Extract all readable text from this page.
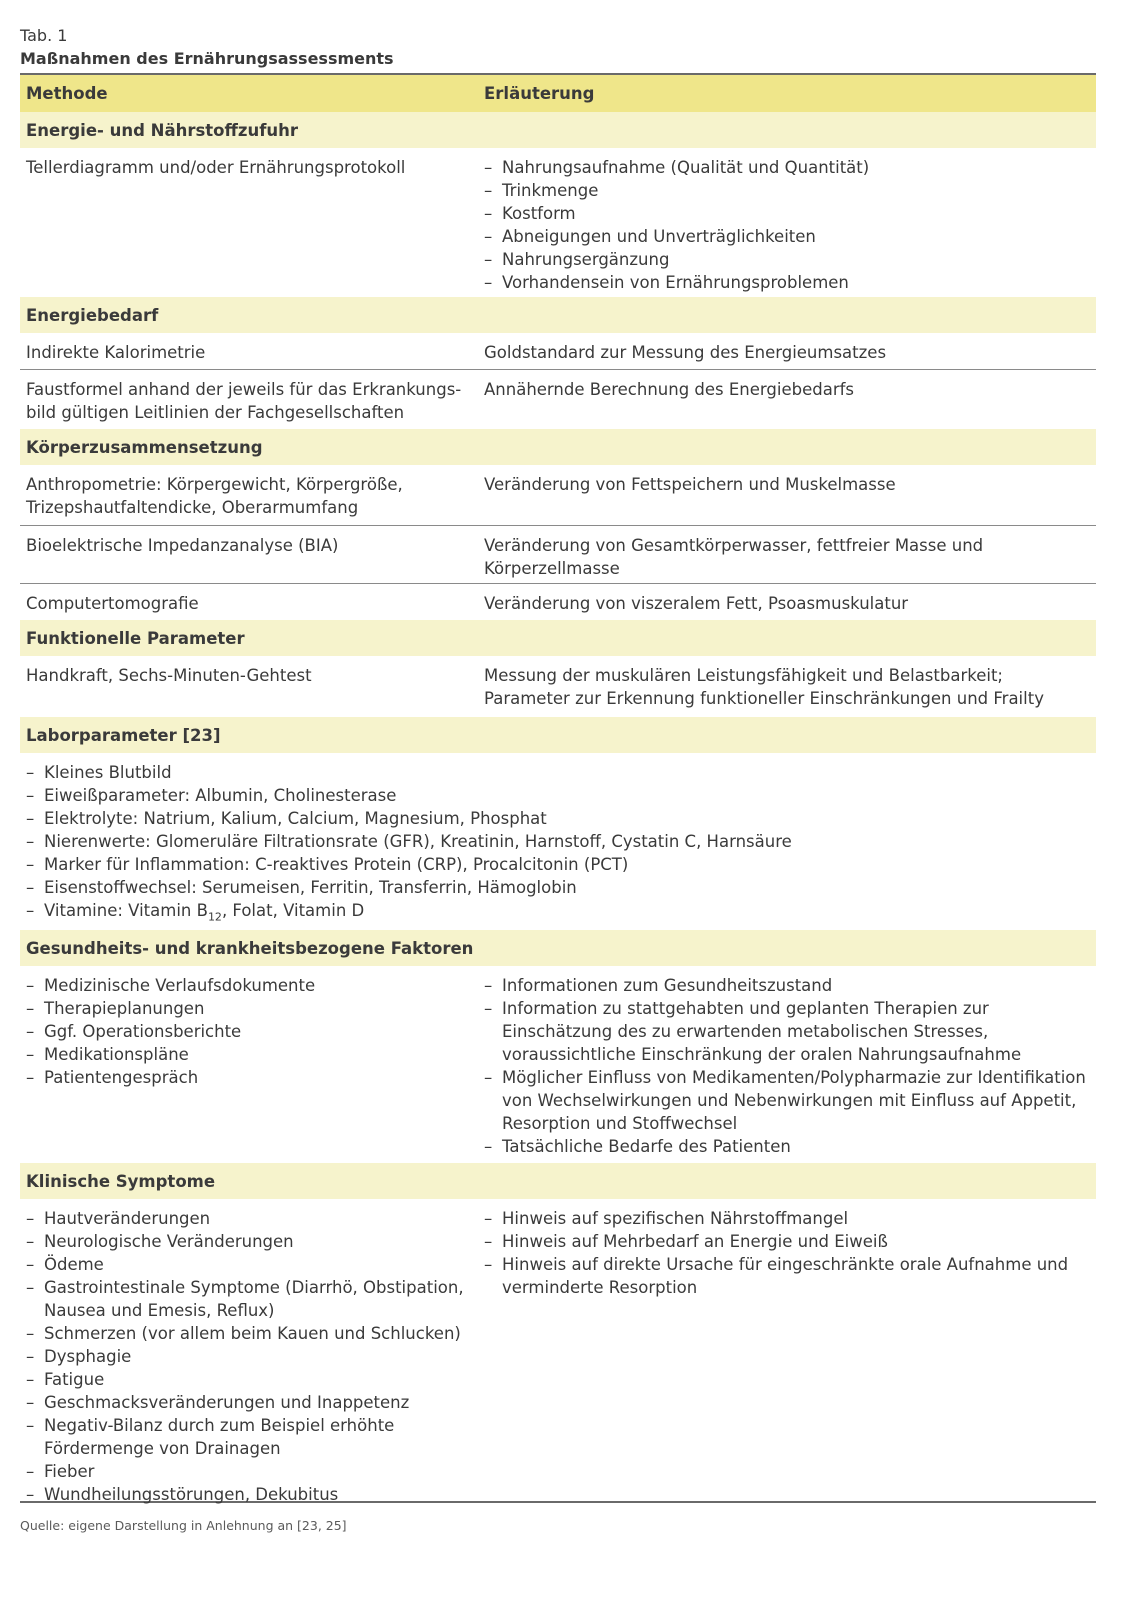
Tab. 1
Maßnahmen des Ernährungsassessments
Methode	Erläuterung
Energie- und Nährstoffzufuhr
Tellerdiagramm und/oder Ernährungsprotokoll
–	Nahrungsaufnahme (Qualität und Quantität)
– Trinkmenge
– Kostform
– Abneigungen und Unverträglichkeiten
– Nahrungsergänzung
– Vorhandensein von Ernährungsproblemen
Energiebedarf
Indirekte Kalorimetrie	Goldstandard zur Messung des Energieumsatzes
Faustformel anhand der jeweils für das Erkrankungs-
bild gültigen Leitlinien der Fachgesellschaften
Annähernde Berechnung des Energiebedarfs
Körperzusammensetzung
Anthropometrie: Körpergewicht, Körpergröße,
Trizepshautfaltendicke, Oberarmumfang
Veränderung von Fettspeichern und Muskelmasse
Bioelektrische Impedanzanalyse (BIA)	Veränderung von Gesamtkörperwasser, fettfreier Masse und
Körperzellmasse
Computertomografie	Veränderung von viszeralem Fett, Psoasmuskulatur
Funktionelle Parameter
Handkraft, Sechs-Minuten-Gehtest	Messung der muskulären Leistungsfähigkeit und Belastbarkeit;
Parameter zur Erkennung funktioneller Einschränkungen und Frailty
Laborparameter [23]
– Kleines Blutbild
– Eiweißparameter: Albumin, Cholinesterase
– Elektrolyte: Natrium, Kalium, Calcium, Magnesium, Phosphat
– Nierenwerte: Glomeruläre Filtrationsrate (GFR), Kreatinin, Harnstoff, Cystatin C, Harnsäure
– Marker für Inflammation: C-reaktives Protein (CRP), Procalcitonin (PCT)
– Eisenstoffwechsel: Serumeisen, Ferritin, Transferrin, Hämoglobin
– Vitamine: Vitamin $B_{12}$, Folat, Vitamin D
Gesundheits- und krankheitsbezogene Faktoren
– Medizinische Verlaufsdokumente
– Therapieplanungen
– Ggf. Operationsberichte
– Medikationspläne
– Patientengespräch
– Informationen zum Gesundheitszustand
– Information zu stattgehabten und geplanten Therapien zur Einschätzung des zu erwartenden metabolischen Stresses, voraussichtliche Einschränkung der oralen Nahrungsaufnahme
– Möglicher Einfluss von Medikamenten/Polypharmazie zur Identifikation von Wechselwirkungen und Nebenwirkungen mit Einfluss auf Appetit, Resorption und Stoffwechsel
– Tatsächliche Bedarfe des Patienten
Klinische Symptome
– Hautveränderungen
– Neurologische Veränderungen
– Ödeme
– Gastrointestinale Symptome (Diarrhö, Obstipation, Nausea und Emesis, Reflux)
– Schmerzen (vor allem beim Kauen und Schlucken)
– Dysphagie
– Fatigue
– Geschmacksveränderungen und Inappetenz
– Negativ-Bilanz durch zum Beispiel erhöhte Fördermenge von Drainagen
– Fieber
– Wundheilungsstörungen, Dekubitus
– Hinweis auf spezifischen Nährstoffmangel
– Hinweis auf Mehrbedarf an Energie und Eiweiß
– Hinweis auf direkte Ursache für eingeschränkte orale Aufnahme und verminderte Resorption
Quelle: eigene Darstellung in Anlehnung an [23, 25]
